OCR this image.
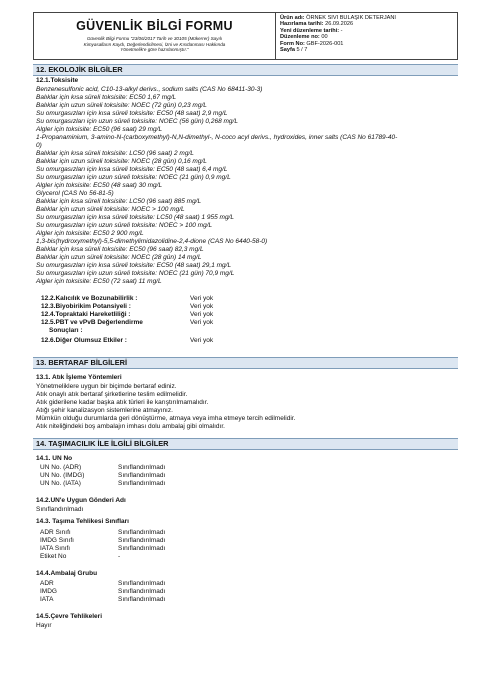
GÜVENLİK BİLGİ FORMU
Güvenlik Bilgi Formu "23/06/2017 Tarih ve 30105 (Mükerrer) Sayılı
Kimyasalların Kaydı, Değerlendirilmesi, İzni ve Kısıtlanması Hakkında
Yönetmelik'e göre hazırlanmıştır."
Ürün adı: ÖRNEK SIVI BULAŞIK DETERJANI
Hazırlama tarihi: 26.09.2026
Yeni düzenleme tarihi: -
Düzenleme no: 00
Form No: GBF-2026-001
Sayfa 5 / 7
12. EKOLOJİK BİLGİLER
12.1.Toksisite
Benzenesulfonic acid, C10-13-alkyl derivs., sodium salts (CAS No 68411-30-3)
Balıklar için kısa süreli toksisite: EC50 1,67 mg/L
Balıklar için uzun süreli toksisite: NOEC (72 gün) 0,23 mg/L
Su omurgasızları için kısa süreli toksisite: EC50 (48 saat) 2,9 mg/L
Su omurgasızları için uzun süreli toksisite: NOEC (56 gün) 0,268 mg/L
Algler için toksisite: EC50 (96 saat) 29 mg/L
1-Propanaminium, 3-amino-N-(carboxymethyl)-N,N-dimethyl-, N-coco acyl derivs., hydroxides, inner salts (CAS No 61789-40-
0)
Balıklar için kısa süreli toksisite: LC50 (96 saat) 2 mg/L
Balıklar için uzun süreli toksisite: NOEC (28 gün) 0,16 mg/L
Su omurgasızları için kısa süreli toksisite: EC50 (48 saat) 6,4 mg/L
Su omurgasızları için uzun süreli toksisite: NOEC (21 gün) 0,9 mg/L
Algler için toksisite: EC50 (48 saat) 30 mg/L
Glycerol (CAS No 56-81-5)
Balıklar için kısa süreli toksisite: LC50 (96 saat) 885 mg/L
Balıklar için uzun süreli toksisite: NOEC > 100 mg/L
Su omurgasızları için kısa süreli toksisite: LC50 (48 saat) 1 955 mg/L
Su omurgasızları için uzun süreli toksisite: NOEC > 100 mg/L
Algler için toksisite: EC50 2 900 mg/L
1,3-bis(hydroxymethyl)-5,5-dimethylimidazolidine-2,4-dione (CAS No 6440-58-0)
Balıklar için kısa süreli toksisite: EC50 (96 saat) 82,3 mg/L
Balıklar için uzun süreli toksisite: NOEC (28 gün) 14 mg/L
Su omurgasızları için kısa süreli toksisite: EC50 (48 saat) 29,1 mg/L
Su omurgasızları için uzun süreli toksisite: NOEC (21 gün) 70,9 mg/L
Algler için toksisite: EC50 (72 saat) 11 mg/L
12.2.Kalıcılık ve Bozunabilirlik :	Veri yok
12.3.Biyobirikim Potansiyeli :	Veri yok
12.4.Topraktaki Hareketliliği :	Veri yok
12.5.PBT ve vPvB Değerlendirme	Veri yok
Sonuçları :
12.6.Diğer Olumsuz Etkiler :	Veri yok
13. BERTARAF BİLGİLERİ
13.1. Atık İşleme Yöntemleri
Yönetmeliklere uygun bir biçimde bertaraf ediniz.
Atık onaylı atık bertaraf şirketlerine teslim edilmelidir.
Atık giderilene kadar başka atık türleri ile karıştırılmamalıdır.
Atığı şehir kanalizasyon sistemlerine atmayınız.
Mümkün olduğu durumlarda geri dönüştürme, atmaya veya imha etmeye tercih edilmelidir.
Atık niteliğindeki boş ambalajın imhası dolu ambalaj gibi olmalıdır.
14. TAŞIMACILIK İLE İLGİLİ BİLGİLER
14.1. UN No
UN No. (ADR)	Sınıflandırılmadı
UN No. (IMDG)	Sınıflandırılmadı
UN No. (IATA)	Sınıflandırılmadı
14.2.UN'e Uygun Gönderi Adı
Sınıflandırılmadı
14.3. Taşıma Tehlikesi Sınıfları
ADR Sınıfı	Sınıflandırılmadı
IMDG Sınıfı	Sınıflandırılmadı
IATA Sınıfı	Sınıflandırılmadı
Etiket No	-
14.4.Ambalaj Grubu
ADR	Sınıflandırılmadı
IMDG	Sınıflandırılmadı
IATA	Sınıflandırılmadı
14.5.Çevre Tehlikeleri
Hayır
